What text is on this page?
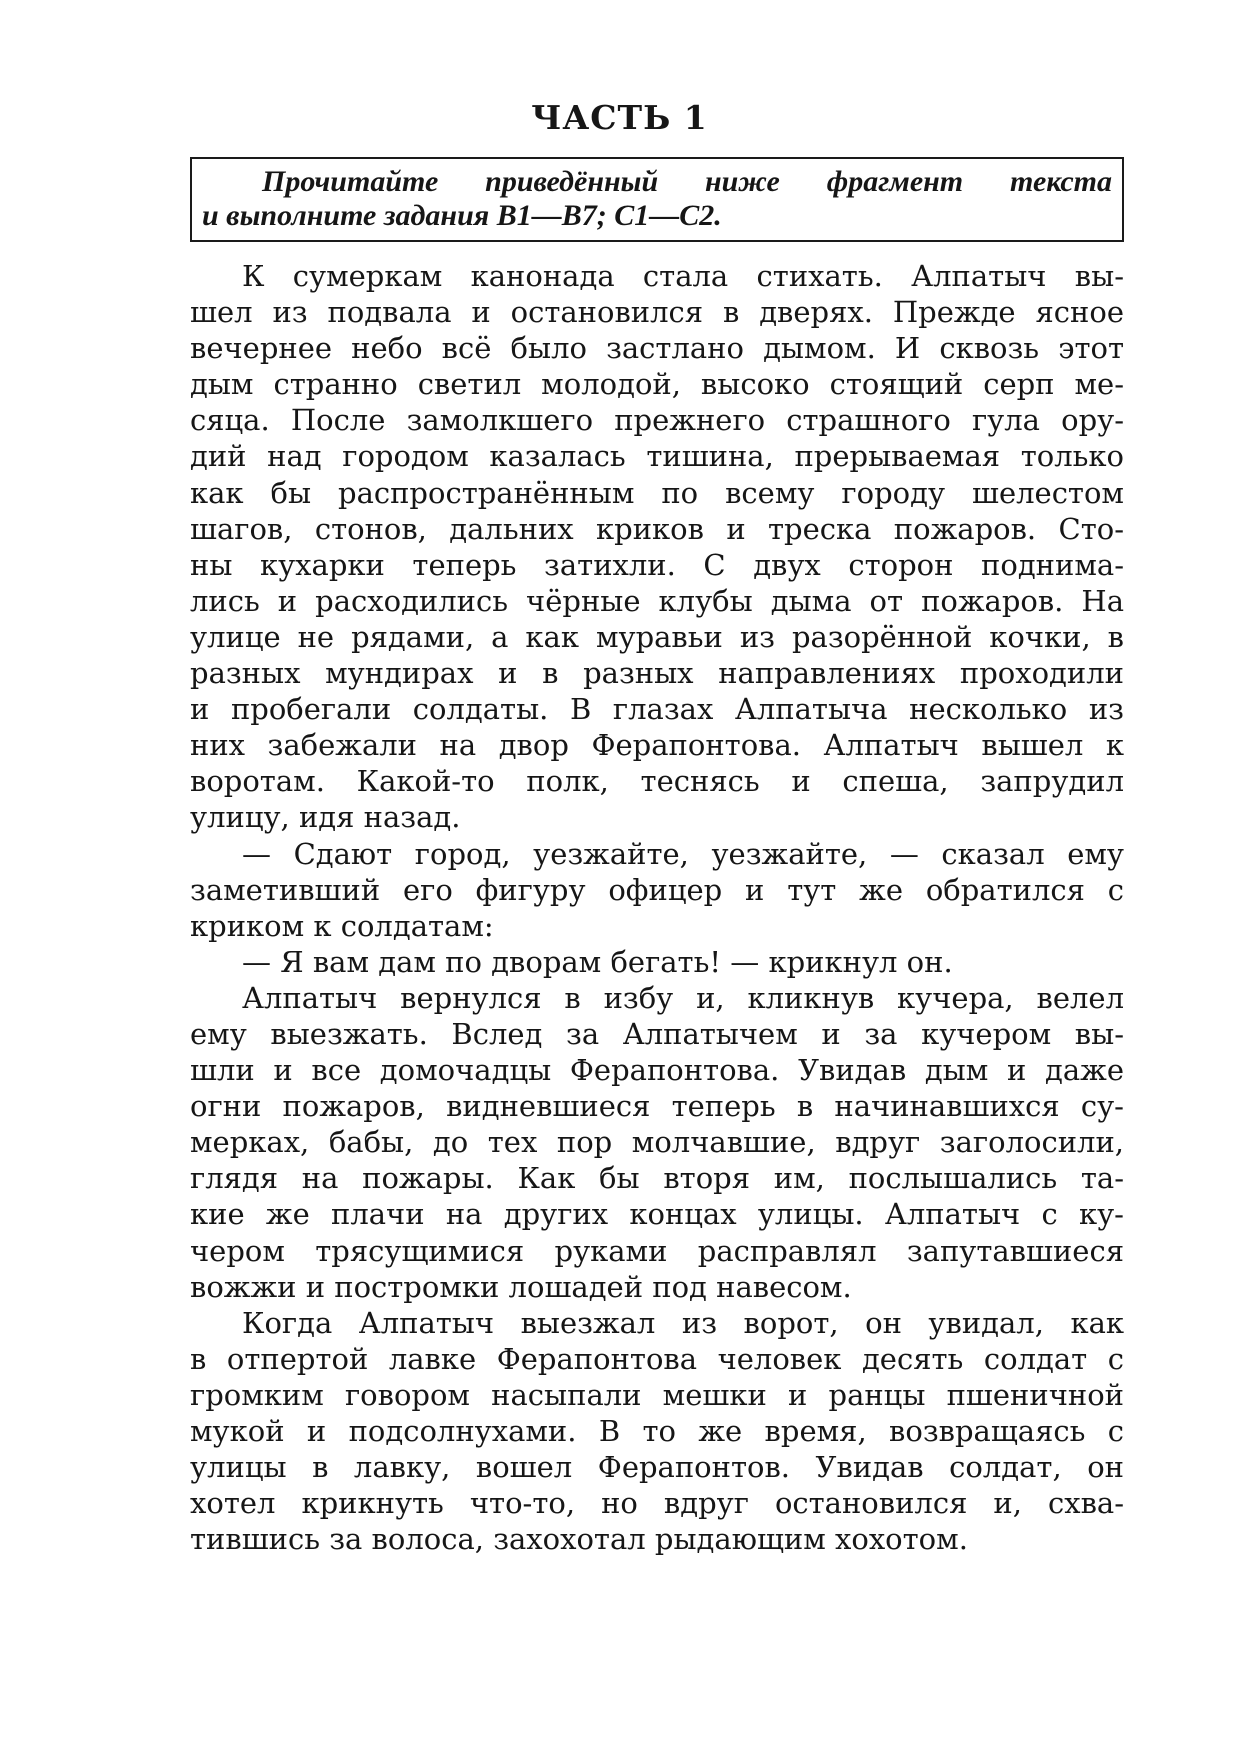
ЧАСТЬ 1
Прочитайте приведённый ниже фрагмент текста
и выполните задания В1—В7; С1—С2.
К сумеркам канонада стала стихать. Алпатыч вы-
шел из подвала и остановился в дверях. Прежде ясное
вечернее небо всё было застлано дымом. И сквозь этот
дым странно светил молодой, высоко стоящий серп ме-
сяца. После замолкшего прежнего страшного гула ору-
дий над городом казалась тишина, прерываемая только
как бы распространённым по всему городу шелестом
шагов, стонов, дальних криков и треска пожаров. Сто-
ны кухарки теперь затихли. С двух сторон поднима-
лись и расходились чёрные клубы дыма от пожаров. На
улице не рядами, а как муравьи из разорённой кочки, в
разных мундирах и в разных направлениях проходили
и пробегали солдаты. В глазах Алпатыча несколько из
них забежали на двор Ферапонтова. Алпатыч вышел к
воротам. Какой-то полк, теснясь и спеша, запрудил
улицу, идя назад.
— Сдают город, уезжайте, уезжайте, — сказал ему
заметивший его фигуру офицер и тут же обратился с
криком к солдатам:
— Я вам дам по дворам бегать! — крикнул он.
Алпатыч вернулся в избу и, кликнув кучера, велел
ему выезжать. Вслед за Алпатычем и за кучером вы-
шли и все домочадцы Ферапонтова. Увидав дым и даже
огни пожаров, видневшиеся теперь в начинавшихся су-
мерках, бабы, до тех пор молчавшие, вдруг заголосили,
глядя на пожары. Как бы вторя им, послышались та-
кие же плачи на других концах улицы. Алпатыч с ку-
чером трясущимися руками расправлял запутавшиеся
вожжи и постромки лошадей под навесом.
Когда Алпатыч выезжал из ворот, он увидал, как
в отпертой лавке Ферапонтова человек десять солдат с
громким говором насыпали мешки и ранцы пшеничной
мукой и подсолнухами. В то же время, возвращаясь с
улицы в лавку, вошел Ферапонтов. Увидав солдат, он
хотел крикнуть что-то, но вдруг остановился и, схва-
тившись за волоса, захохотал рыдающим хохотом.
